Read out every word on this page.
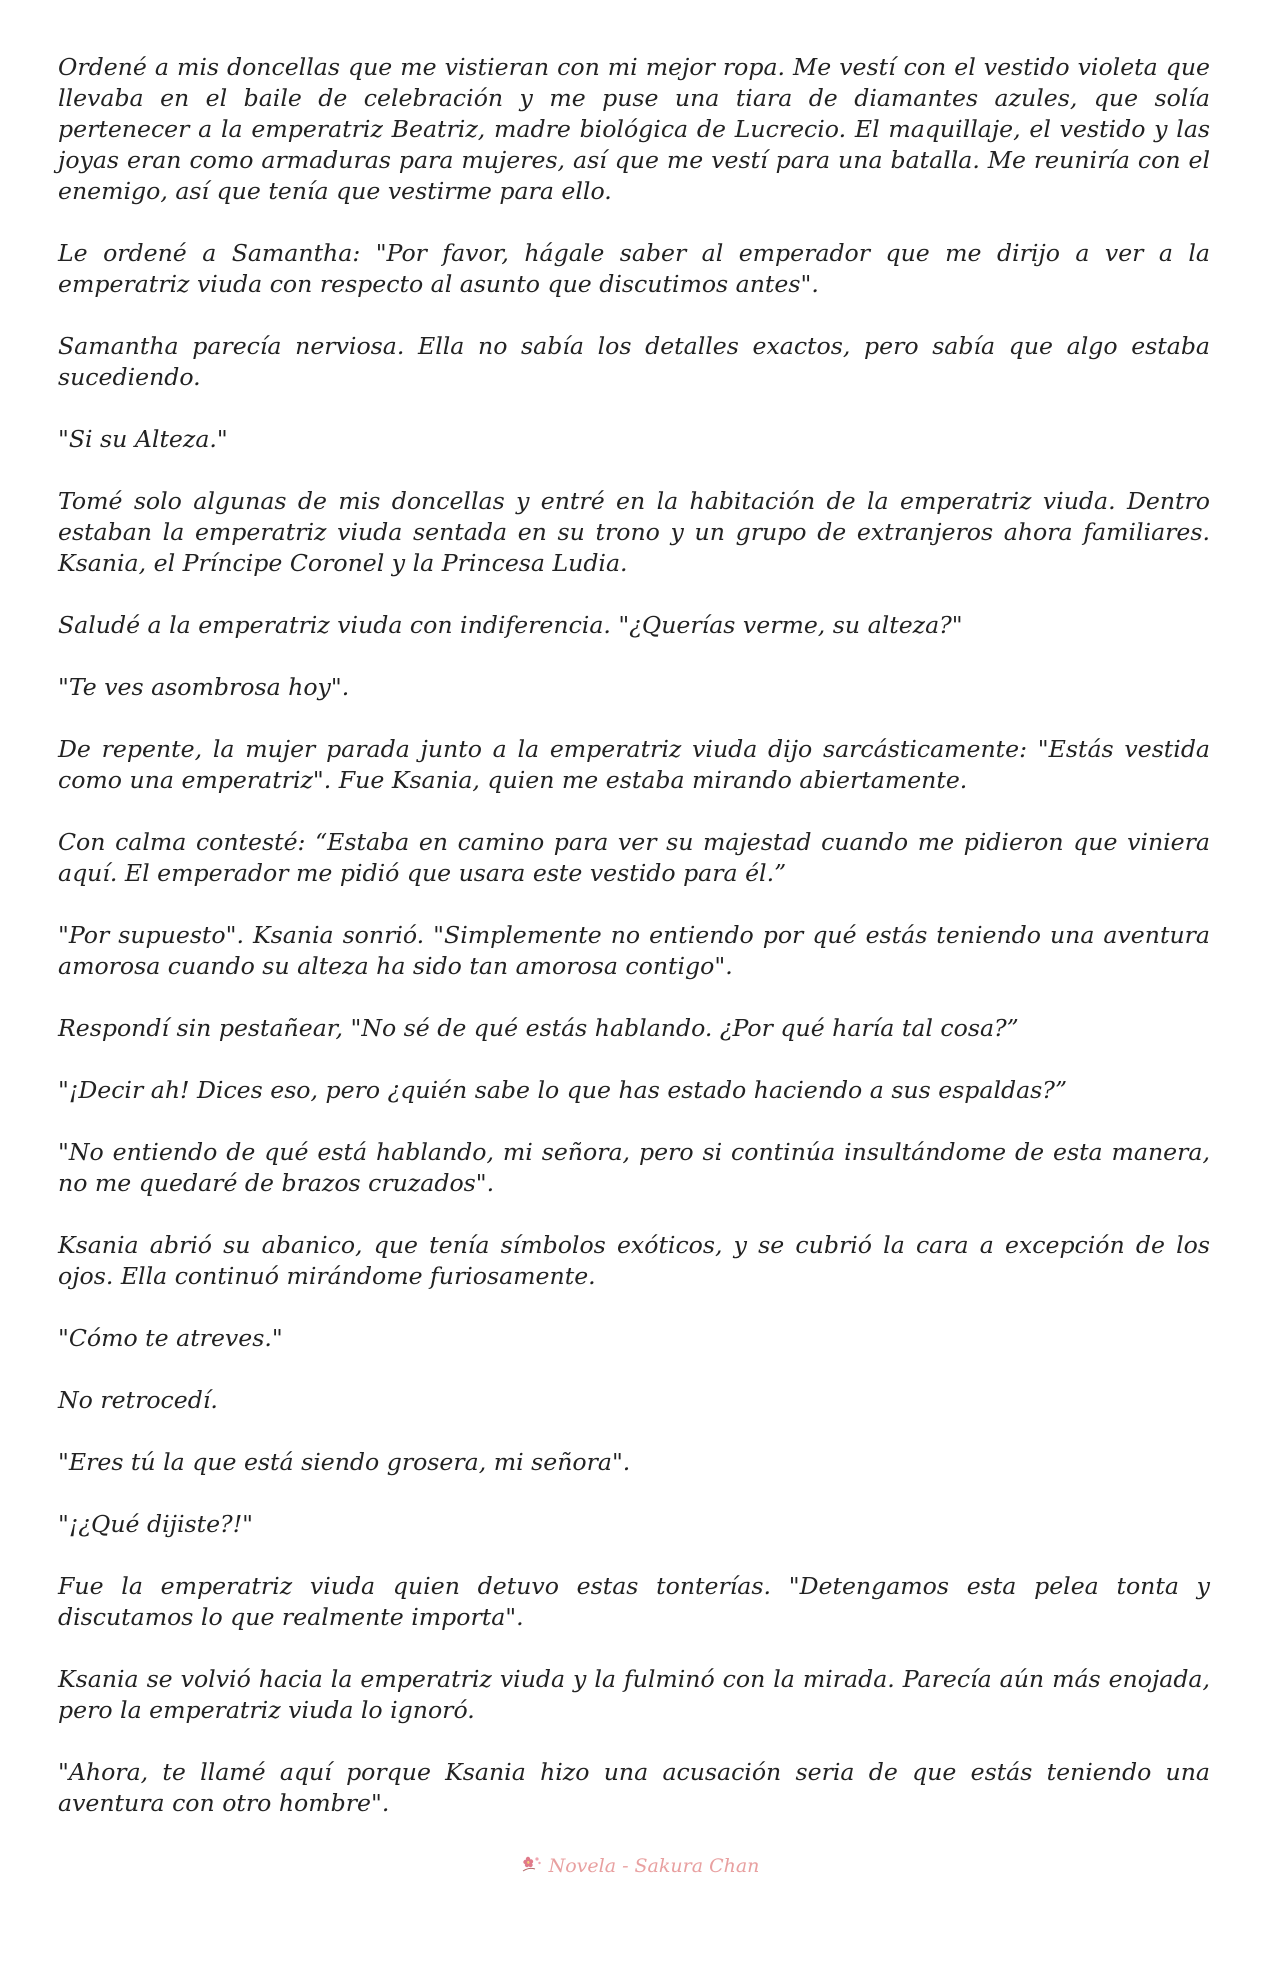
Ordené a mis doncellas que me vistieran con mi mejor ropa. Me vestí con el vestido violeta que llevaba en el baile de celebración y me puse una tiara de diamantes azules, que solía pertenecer a la emperatriz Beatriz, madre biológica de Lucrecio. El maquillaje, el vestido y las joyas eran como armaduras para mujeres, así que me vestí para una batalla. Me reuniría con el enemigo, así que tenía que vestirme para ello.

Le ordené a Samantha: "Por favor, hágale saber al emperador que me dirijo a ver a la emperatriz viuda con respecto al asunto que discutimos antes".

Samantha parecía nerviosa. Ella no sabía los detalles exactos, pero sabía que algo estaba sucediendo.

"Si su Alteza."

Tomé solo algunas de mis doncellas y entré en la habitación de la emperatriz viuda. Dentro estaban la emperatriz viuda sentada en su trono y un grupo de extranjeros ahora familiares. Ksania, el Príncipe Coronel y la Princesa Ludia.

Saludé a la emperatriz viuda con indiferencia. "¿Querías verme, su alteza?"

"Te ves asombrosa hoy".

De repente, la mujer parada junto a la emperatriz viuda dijo sarcásticamente: "Estás vestida como una emperatriz". Fue Ksania, quien me estaba mirando abiertamente.

Con calma contesté: “Estaba en camino para ver su majestad cuando me pidieron que viniera aquí. El emperador me pidió que usara este vestido para él.”

"Por supuesto". Ksania sonrió. "Simplemente no entiendo por qué estás teniendo una aventura amorosa cuando su alteza ha sido tan amorosa contigo".

Respondí sin pestañear, "No sé de qué estás hablando. ¿Por qué haría tal cosa?”

"¡Decir ah! Dices eso, pero ¿quién sabe lo que has estado haciendo a sus espaldas?”

"No entiendo de qué está hablando, mi señora, pero si continúa insultándome de esta manera, no me quedaré de brazos cruzados".

Ksania abrió su abanico, que tenía símbolos exóticos, y se cubrió la cara a excepción de los ojos. Ella continuó mirándome furiosamente.

"Cómo te atreves."

No retrocedí.

"Eres tú la que está siendo grosera, mi señora".

"¡¿Qué dijiste?!"

Fue la emperatriz viuda quien detuvo estas tonterías. "Detengamos esta pelea tonta y discutamos lo que realmente importa".

Ksania se volvió hacia la emperatriz viuda y la fulminó con la mirada. Parecía aún más enojada, pero la emperatriz viuda lo ignoró.

"Ahora, te llamé aquí porque Ksania hizo una acusación seria de que estás teniendo una aventura con otro hombre".

Novela - Sakura Chan
